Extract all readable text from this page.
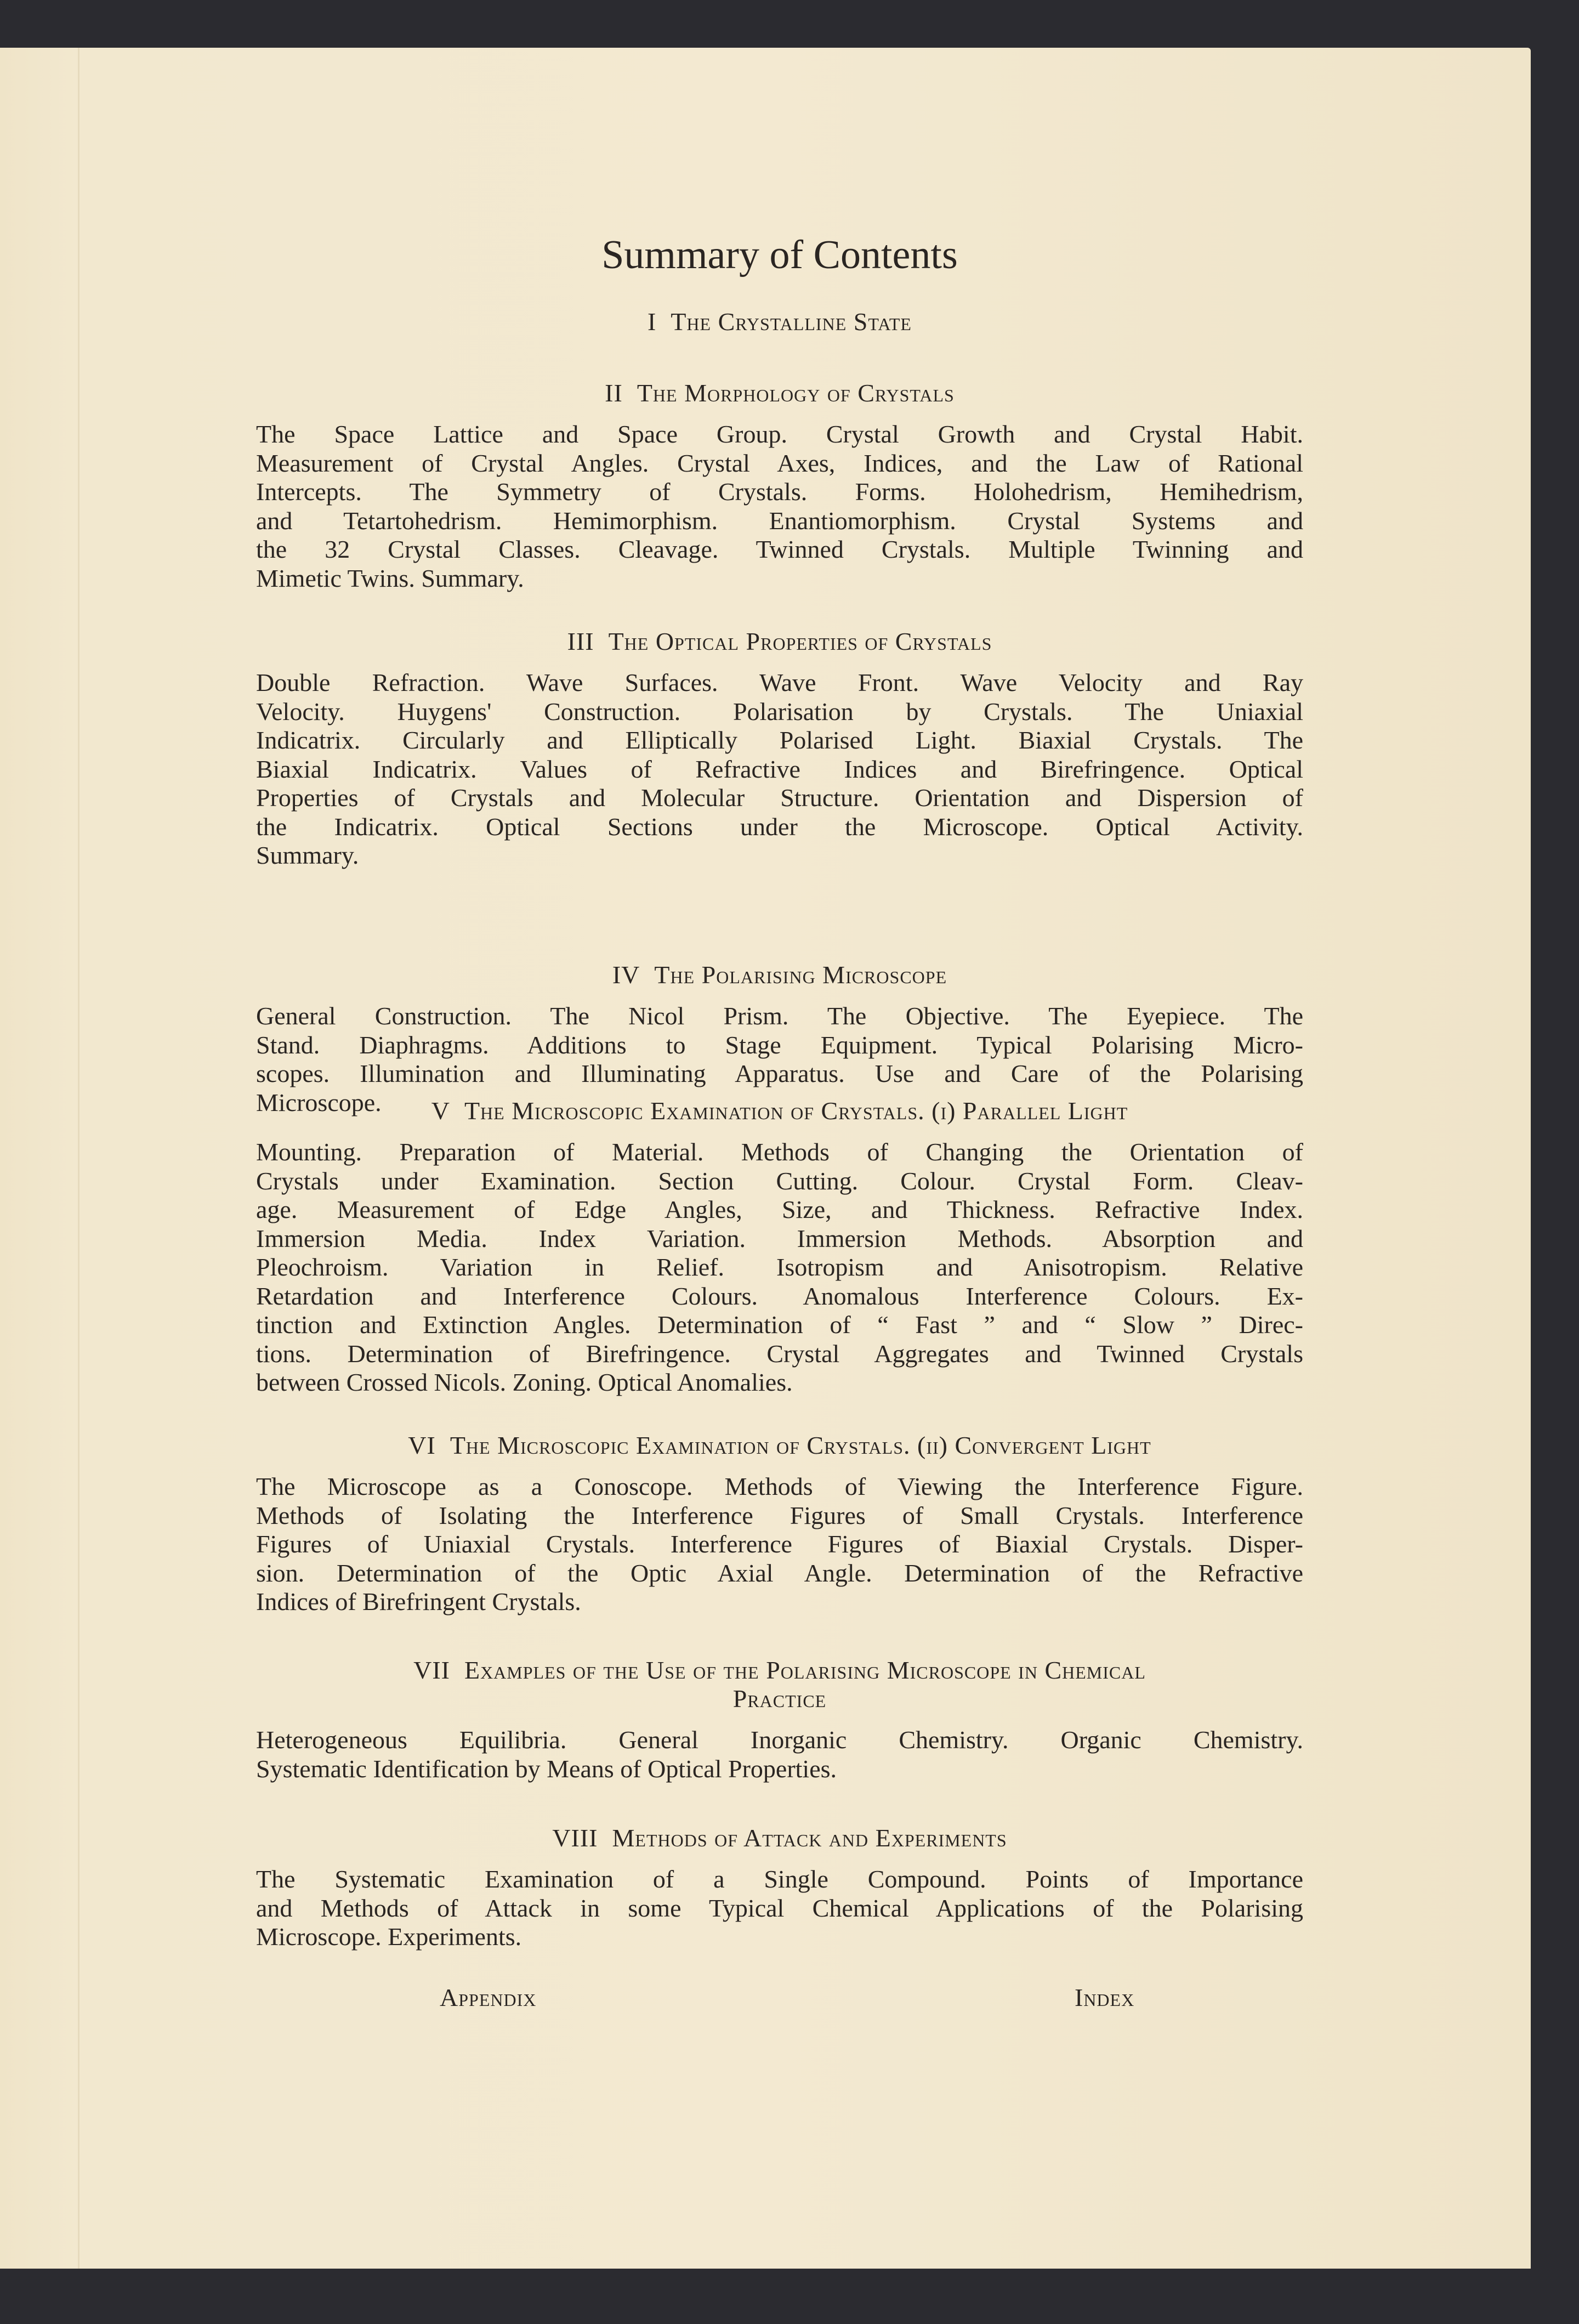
Summary of Contents
I The Crystalline State
II The Morphology of Crystals
The Space Lattice and Space Group. Crystal Growth and Crystal Habit.
Measurement of Crystal Angles. Crystal Axes, Indices, and the Law of Rational
Intercepts. The Symmetry of Crystals. Forms. Holohedrism, Hemihedrism,
and Tetartohedrism. Hemimorphism. Enantiomorphism. Crystal Systems and
the 32 Crystal Classes. Cleavage. Twinned Crystals. Multiple Twinning and
Mimetic Twins. Summary.
III The Optical Properties of Crystals
Double Refraction. Wave Surfaces. Wave Front. Wave Velocity and Ray
Velocity. Huygens' Construction. Polarisation by Crystals. The Uniaxial
Indicatrix. Circularly and Elliptically Polarised Light. Biaxial Crystals. The
Biaxial Indicatrix. Values of Refractive Indices and Birefringence. Optical
Properties of Crystals and Molecular Structure. Orientation and Dispersion of
the Indicatrix. Optical Sections under the Microscope. Optical Activity.
Summary.
IV The Polarising Microscope
General Construction. The Nicol Prism. The Objective. The Eyepiece. The
Stand. Diaphragms. Additions to Stage Equipment. Typical Polarising Micro-
scopes. Illumination and Illuminating Apparatus. Use and Care of the Polarising
Microscope.	V The Microscopic Examination of Crystals. (i) Parallel Light
Mounting. Preparation of Material. Methods of Changing the Orientation of
Crystals under Examination. Section Cutting. Colour. Crystal Form. Cleav-
age. Measurement of Edge Angles, Size, and Thickness. Refractive Index.
Immersion Media. Index Variation. Immersion Methods. Absorption and
Pleochroism. Variation in Relief. Isotropism and Anisotropism. Relative
Retardation and Interference Colours. Anomalous Interference Colours. Ex-
tinction and Extinction Angles. Determination of “ Fast ” and “ Slow ” Direc-
tions. Determination of Birefringence. Crystal Aggregates and Twinned Crystals
between Crossed Nicols. Zoning. Optical Anomalies.
VI The Microscopic Examination of Crystals. (ii) Convergent Light
The Microscope as a Conoscope. Methods of Viewing the Interference Figure.
Methods of Isolating the Interference Figures of Small Crystals. Interference
Figures of Uniaxial Crystals. Interference Figures of Biaxial Crystals. Disper-
sion. Determination of the Optic Axial Angle. Determination of the Refractive
Indices of Birefringent Crystals.
VII Examples of the Use of the Polarising Microscope in Chemical
Practice
Heterogeneous Equilibria. General Inorganic Chemistry. Organic Chemistry.
Systematic Identification by Means of Optical Properties.
VIII Methods of Attack and Experiments
The Systematic Examination of a Single Compound. Points of Importance
and Methods of Attack in some Typical Chemical Applications of the Polarising
Microscope. Experiments.
Appendix	Index
